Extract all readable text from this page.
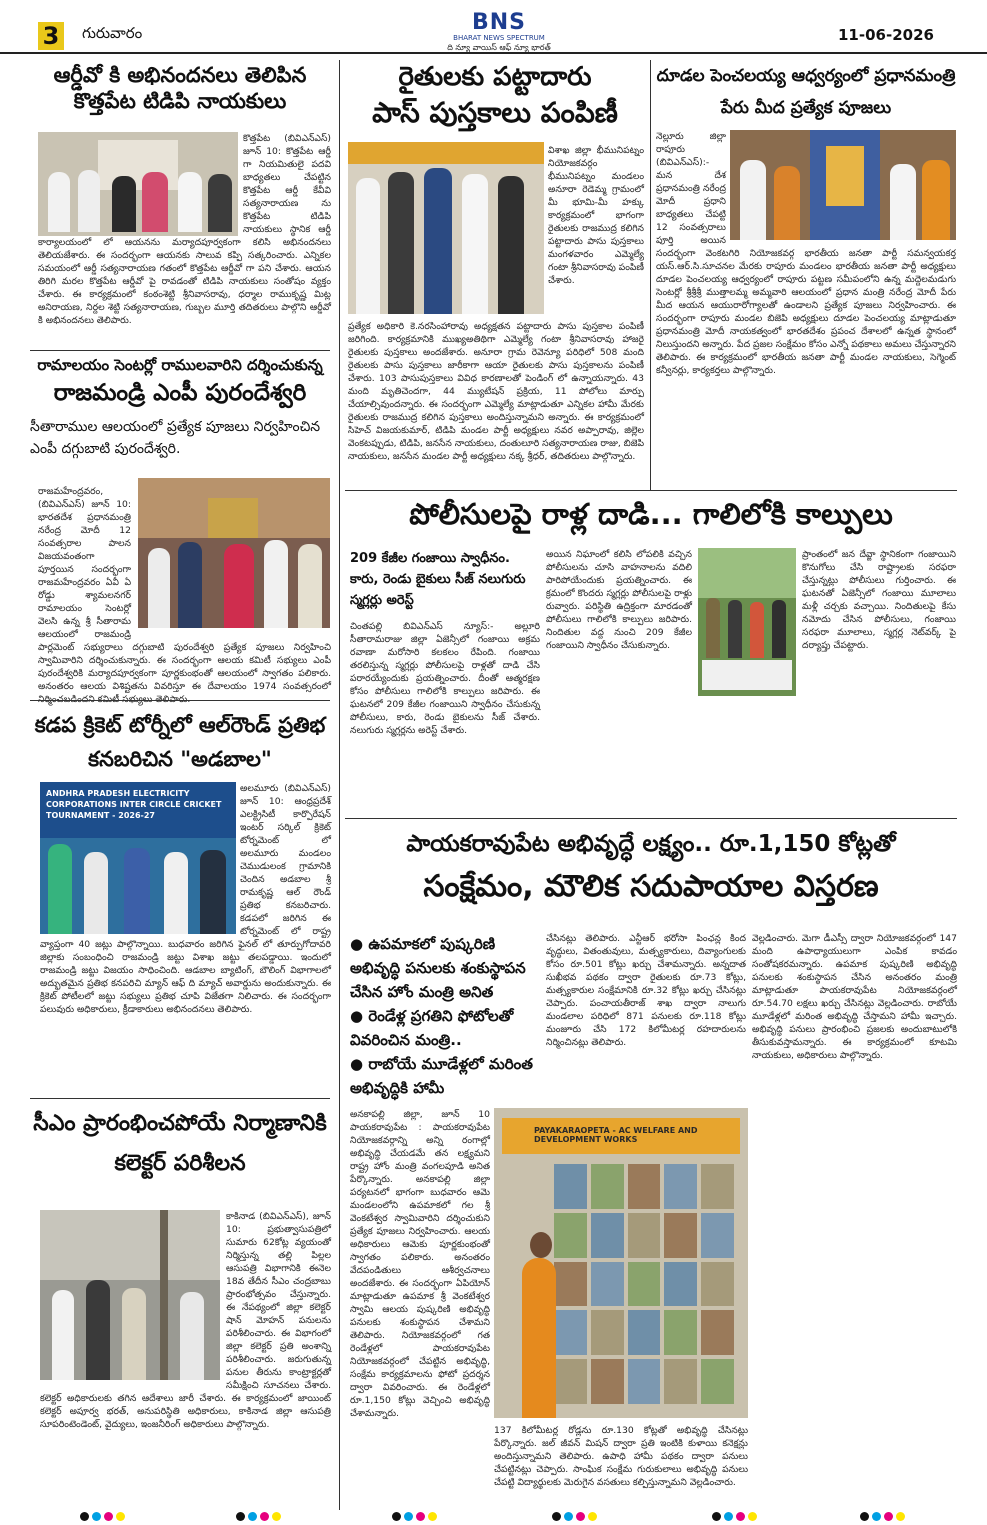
3	గురువారం	BNS
BHARAT NEWS SPECTRUM
ది న్యూ వాయిస్ ఆఫ్ న్యూ భారత్
11-06-2026
ఆర్డీవో కి అభినందనలు తెలిపిన కొత్తపేట టిడిపి నాయకులు
కొత్తపేట (బివిఎన్‌ఎస్) జూన్ 10: కొత్తపేట ఆర్డీ గా నియమితులై పదవి బాధ్యతలు చేపట్టిన కొత్తపేట ఆర్డీ కేవీవి సత్యనారాయణ ను కొత్తపేట టిడిపి నాయకులు స్థానిక ఆర్డీ కార్యాలయంలో లో ఆయనను మర్యాదపూర్వకంగా కలిసి అభినందనలు తెలియజేశారు. ఈ సందర్భంగా ఆయనకు సాలువ కప్పి సత్కరించారు. ఎన్నికల సమయంలో ఆర్డీ సత్యనారాయణ గతంలో కొత్తపేట ఆర్డీవో గా పని చేశారు. ఆయన తిరిగి మరల కొత్తపేట ఆర్డీవో పై రావడంతో టిడిపి నాయకులు సంతోషం వ్యక్తం చేశారు. ఈ కార్యక్రమంలో కంఠంశెట్టి శ్రీనివాసరావు, ధర్మాల రాముకృష్ణ మిట్ల అనిరాయణ, నిర్దల శెట్టి సత్యనారాయణ, గుబ్బల మూర్తి తదితరులు పాల్గొని ఆర్డీవో కి అభినందనలు తెలిపారు.
రామాలయం సెంటర్లో రాములవారిని దర్శించుకున్న
రాజమండ్రి ఎంపీ పురందేశ్వరి
సీతారాముల ఆలయంలో ప్రత్యేక పూజలు నిర్వహించిన ఎంపీ దగ్గుబాటి పురందేశ్వరి.
రాజమహేంద్రవరం, (బివిఎన్‌ఎస్) జూన్ 10: భారతదేశ ప్రధానమంత్రి నరేంద్ర మోదీ 12 సంవత్సరాల పాలన విజయవంతంగా పూర్తయిన సందర్భంగా రాజమహేంద్రవరం ఏవీ ఏ రోడ్డు శ్యామలనగర్ రామాలయం సెంటర్లో వెలసి ఉన్న శ్రీ సీతారామ ఆలయంలో రాజమండ్రి పార్లమెంట్ సభ్యురాలు దగ్గుబాటి పురందేశ్వరి ప్రత్యేక పూజలు నిర్వహించి స్వామివారిని దర్శించుకున్నారు. ఈ సందర్భంగా ఆలయ కమిటీ సభ్యులు ఎంపీ పురందేశ్వరికి మర్యాదపూర్వకంగా పూర్ణకుంభంతో ఆలయంలో స్వాగతం పలికారు. అనంతరం ఆలయ విశిష్టతను వివరిస్తూ ఈ దేవాలయం 1974 సంవత్సరంలో
కడప క్రికెట్ టోర్నీలో ఆల్‌రౌండ్ ప్రతిభ కనబరిచిన "అడబాల"
ANDHRA PRADESH ELECTRICITY CORPORATIONS INTER CIRCLE CRICKET TOURNAMENT - 2026-27
అలమూరు (బివిఎన్‌ఎస్) జూన్ 10: ఆంధ్రప్రదేశ్ ఎలక్ట్రిసిటీ కార్పొరేషన్ ఇంటర్ సర్కిల్ క్రికెట్ టోర్నమెంట్ లో అలమూరు మండలం చెముడులంక గ్రామానికి చెందిన అడబాల శ్రీ రామకృష్ణ ఆల్ రౌండ్ ప్రతిభ కనబరిచారు. కడపలో జరిగిన ఈ టోర్నమెంట్ లో రాష్ట్ర వ్యాప్తంగా 40 జట్లు పాల్గొన్నాయి. బుధవారం జరిగిన ఫైనల్ లో తూర్పుగోదావరి జిల్లాకు సంబంధించి రాజమండ్రి జట్టు విశాఖ జట్టు తలపడ్డాయి. ఇందులో రాజమండ్రి జట్టు విజయం సాధించింది. ఆడబాల బ్యాటింగ్, బౌలింగ్ విభాగాలలో అద్భుతమైన ప్రతిభ కనపరిచి మ్యాన్ ఆఫ్ ది మ్యాచ్ అవార్డును అందుకున్నారు. ఈ క్రికెట్ పోటీలలో జట్టు సభ్యులు ప్రతిభ చూపి విజేతగా నిలిచారు. ఈ సందర్భంగా పలువురు అధికారులు, క్రీడాకారులు అభినందనలు తెలిపారు.
సీఎం ప్రారంభించపోయే నిర్మాణానికి కలెక్టర్ పరిశీలన
కాకినాడ (బివిఎన్‌ఎస్), జూన్ 10: ప్రభుత్వాసుపత్రిలో సుమారు 62కోట్ల వ్యయంతో నిర్మిస్తున్న తల్లి పిల్లల ఆసుపత్రి విభాగానికి ఈనెల 18వ తేదీన సీఎం చంద్రబాబు ప్రారంభోత్సవం చేస్తున్నారు. ఈ నేపథ్యంలో జిల్లా కలెక్టర్ షాన్ మోహన్ పనులను పరిశీలించారు. ఈ విభాగంలో జిల్లా కలెక్టర్ ప్రతి అంశాన్ని పరిశీలించారు. జరుగుతున్న పనుల తీరును కాంట్రాక్టర్లతో సమీక్షించి సూచనలు చేశారు. కలెక్టర్ అధికారులకు తగిన ఆదేశాలు జారీ చేశారు. ఈ కార్యక్రమంలో జాయింట్ కలెక్టర్ అపూర్వ భరత్, అనుపరిస్థితి అధికారులు, కాకినాడ జిల్లా ఆసుపత్రి సూపరింటెండెంట్, వైద్యులు, ఇంజనీరింగ్ అధికారులు పాల్గొన్నారు.
రైతులకు పట్టాదారు
పాస్ పుస్తకాలు పంపిణీ
విశాఖ జిల్లా భీమునిపట్నం నియోజకవర్గం భీమునిపట్నం మండలం అనూరా రెడెమ్మ గ్రామంలో మీ భూమి-మీ హక్కు కార్యక్రమంలో భాగంగా రైతులకు రాజముద్ర కలిగిన పట్టాదారు పాసు పుస్తకాలు మంగళవారం ఎమ్మెల్యే గంటా శ్రీనివాసరావు పంపిణీ చేశారు.
ప్రత్యేక అధికారి కె.నరసింహారావు అధ్యక్షతన పట్టాదారు పాసు పుస్తకాల పంపిణీ జరిగింది. కార్యక్రమానికి ముఖ్యఅతిథిగా ఎమ్మెల్యే గంటా శ్రీనివాసరావు హాజరై రైతులకు పుస్తకాలు అందజేశారు. అనూరా గ్రామ రెవెన్యూ పరిధిలో 508 మంది రైతులకు పాసు పుస్తకాలు జారీకాగా ఆయా రైతులకు పాసు పుస్తకాలను పంపిణీ చేశారు. 103 పాసుపుస్తకాలు వివిధ కారణాలతో పెండింగ్ లో ఉన్నాయన్నారు. 43 మంది మృతిచెందగా, 44 మ్యుటేషన్ ప్రక్రియ, 11 పోలోలు మార్పు చేయాల్సివుందన్నారు. ఈ సందర్భంగా ఎమ్మెల్యే మాట్లాడుతూ ఎన్నికల హామీ మేరకు రైతులకు రాజముద్ర కలిగిన పుస్తకాలు అందిస్తున్నామని అన్నారు. ఈ కార్యక్రమంలో సిహెచ్ విజయకుమార్, టిడిపి మండల పార్టీ అధ్యక్షులు నవర అప్పారావు, జిల్లెల వెంకటప్పుడు, టిడిపి, జనసేన నాయకులు, దంతులూరి సత్యనారాయణ రాజు, బిజెపి నాయకులు, జనసేన మండల పార్టీ అధ్యక్షులు నక్క శ్రీధర్, తదితరులు పాల్గొన్నారు.
దూడల పెంచలయ్య ఆధ్వర్యంలో ప్రధానమంత్రి పేరు మీద ప్రత్యేక పూజలు
నెల్లూరు జిల్లా రాపూరు (బివిఎన్‌ఎస్):- మన దేశ ప్రధానమంత్రి నరేంద్ర మోదీ ప్రధాని బాధ్యతలు చేపట్టి 12 సంవత్సరాలు పూర్తి అయిన సందర్భంగా వెంకటగిరి నియోజకవర్గ భారతీయ జనతా పార్టీ సమన్వయకర్త యస్.ఆర్.సి.సూచనల మేరకు రాపూరు మండలం భారతీయ జనతా పార్టీ అధ్యక్షులు దూడల పెంచలయ్య ఆధ్వర్యంలో రాపూరు పట్టణ సమీపంలోని ఉన్న మద్దెలమడుగు సెంటర్లో శ్రీశ్రీశ్రీ ముత్తాలమ్మ అమ్మవారి ఆలయంలో ప్రధాన మంత్రి నరేంద్ర మోదీ పేరు మీద ఆయన ఆయురారోగ్యాలతో ఉండాలని ప్రత్యేక పూజలు నిర్వహించారు. ఈ సందర్భంగా రాపూరు మండల బిజెపి అధ్యక్షులు దూడల పెంచలయ్య మాట్లాడుతూ ప్రధానమంత్రి మోదీ నాయకత్వంలో భారతదేశం ప్రపంచ దేశాలలో ఉన్నత స్థానంలో నిలుస్తుందని అన్నారు. పేద ప్రజల సంక్షేమం కోసం ఎన్నో పథకాలు అమలు చేస్తున్నారని తెలిపారు. ఈ కార్యక్రమంలో భారతీయ జనతా పార్టీ మండల నాయకులు, సెగ్మెంట్ కన్వీనర్లు, కార్యకర్తలు పాల్గొన్నారు.
పోలీసులపై రాళ్ల దాడి... గాలిలోకి కాల్పులు
209 కేజీల గంజాయి స్వాధీనం.
కారు, రెండు బైకులు సీజ్ నలుగురు స్మగ్లర్లు అరెస్ట్
చింతపల్లి బివిఎన్‌ఎస్ న్యూస్:- అల్లూరి సీతారామరాజు జిల్లా ఏజెన్సీలో గంజాయి అక్రమ రవాణా మరోసారి కలకలం రేపింది. గంజాయి తరలిస్తున్న స్మగ్లర్లు పోలీసులపై రాళ్లతో దాడి చేసి పరారయ్యేందుకు ప్రయత్నించారు. దీంతో ఆత్మరక్షణ కోసం పోలీసులు గాలిలోకి కాల్పులు జరిపారు. ఈ ఘటనలో 209 కేజీల గంజాయిని స్వాధీనం చేసుకున్న పోలీసులు, కారు, రెండు బైకులను సీజ్ చేశారు. నలుగురు స్మగ్లర్లను అరెస్ట్ చేశారు.
అయిన నిఘాంలో కలిసి లోపలికి వచ్చిన పోలీసులను చూసి వాహనాలను వదిలి పారిపోయేందుకు ప్రయత్నించారు. ఈ క్రమంలో కొందరు స్మగ్లర్లు పోలీసులపై రాళ్లు రువ్వారు. పరిస్థితి ఉద్రిక్తంగా మారడంతో పోలీసులు గాలిలోకి కాల్పులు జరిపారు. నిందితుల వద్ద నుంచి 209 కేజీల గంజాయిని స్వాధీనం చేసుకున్నారు.
ప్రాంతంలో జన దేవ్జా స్థానికంగా గంజాయిని కొనుగోలు చేసి రాష్ట్రాలకు సరఫరా చేస్తున్నట్లు పోలీసులు గుర్తించారు. ఈ ఘటనతో ఏజెన్సీలో గంజాయి మూలాలు మళ్లీ చర్చకు వచ్చాయి. నిందితులపై కేసు నమోదు చేసిన పోలీసులు, గంజాయి సరఫరా మూలాలు, స్మగ్లర్ల నెట్‌వర్క్ పై దర్యాప్తు చేపట్టారు.
పాయకరావుపేట అభివృద్ధే లక్ష్యం.. రూ.1,150 కోట్లతో
సంక్షేమం, మౌలిక సదుపాయాల విస్తరణ
● ఉపమాకలో పుష్కరిణి అభివృద్ధి పనులకు శంకుస్థాపన చేసిన హోం మంత్రి అనిత
● రెండేళ్ల ప్రగతిని ఫోటోలతో వివరించిన మంత్రి..
● రాబోయే మూడేళ్లలో మరింత అభివృద్ధికి హామీ
చేసినట్లు తెలిపారు. ఎన్టీఆర్ భరోసా పింఛన్ల కింద వృద్ధులు, వితంతువులు, మత్స్యకారులు, దివ్యాంగులకు కోసం రూ.501 కోట్లు ఖర్చు చేశామన్నారు. అన్నదాత సుఖీభవ పథకం ద్వారా రైతులకు రూ.73 కోట్లు, మత్స్యకారుల సంక్షేమానికి రూ.32 కోట్లు ఖర్చు చేసినట్లు చెప్పారు. పంచాయతీరాజ్ శాఖ ద్వారా నాలుగు మండలాల పరిధిలో 871 పనులకు రూ.118 కోట్లు మంజూరు చేసి 172 కిలోమీటర్ల రహదారులను నిర్మించినట్లు తెలిపారు.
వెల్లడించారు. మెగా డీఎస్సీ ద్వారా నియోజకవర్గంలో 147 మంది ఉపాధ్యాయులుగా ఎంపిక కావడం సంతోషకరమన్నారు. ఉపమాక పుష్కరిణి అభివృద్ధి పనులకు శంకుస్థాపన చేసిన అనంతరం మంత్రి మాట్లాడుతూ పాయకరావుపేట నియోజకవర్గంలో రూ.54.70 లక్షలు ఖర్చు చేసినట్లు వెల్లడించారు. రాబోయే మూడేళ్లలో మరింత అభివృద్ధి చేస్తామని హామీ ఇచ్చారు. అభివృద్ధి పనులు ప్రారంభించి ప్రజలకు అందుబాటులోకి తీసుకువస్తామన్నారు. ఈ కార్యక్రమంలో కూటమి నాయకులు, అధికారులు పాల్గొన్నారు.
అనకాపల్లి జిల్లా, జూన్ 10 పాయకరావుపేట : పాయకరావుపేట నియోజకవర్గాన్ని అన్ని రంగాల్లో అభివృద్ధి చేయడమే తన లక్ష్యమని రాష్ట్ర హోం మంత్రి వంగలపూడి అనిత పేర్కొన్నారు. అనకాపల్లి జిల్లా పర్యటనలో భాగంగా బుధవారం ఆమె మండలంలోని ఉపమాకలో గల శ్రీ వెంకటేశ్వర స్వామివారిని దర్శించుకుని ప్రత్యేక పూజలు నిర్వహించారు. ఆలయ అధికారులు ఆమెకు పూర్ణకుంభంతో స్వాగతం పలికారు. అనంతరం వేదపండితులు ఆశీర్వచనాలు అందజేశారు. ఈ సందర్భంగా ఏపియోన్ మాట్లాడుతూ ఉపమాక శ్రీ వెంకటేశ్వర స్వామి ఆలయ పుష్కరిణి అభివృద్ధి పనులకు శంకుస్థాపన చేశామని తెలిపారు. నియోజకవర్గంలో గత రెండేళ్లలో పాయకరావుపేట నియోజకవర్గంలో చేపట్టిన అభివృద్ధి, సంక్షేమ కార్యక్రమాలను ఫోటో ప్రదర్శన ద్వారా వివరించారు. ఈ రెండేళ్లలో రూ.1,150 కోట్లు వెచ్చించి అభివృద్ధి చేశామన్నారు.
PAYAKARAOPETA - AC WELFARE AND DEVELOPMENT WORKS
137 కిలోమీటర్ల రోడ్లను రూ.130 కోట్లతో అభివృద్ధి చేసినట్లు పేర్కొన్నారు. జల్ జీవన్ మిషన్ ద్వారా ప్రతి ఇంటికి కుళాయి కనెక్షన్లు అందిస్తున్నామని తెలిపారు. ఉపాధి హామీ పథకం ద్వారా పనులు చేపట్టినట్లు చెప్పారు. సాంఘిక సంక్షేమ గురుకులాలు అభివృద్ధి పనులు చేపట్టి విద్యార్థులకు మెరుగైన వసతులు కల్పిస్తున్నామని వెల్లడించారు.
